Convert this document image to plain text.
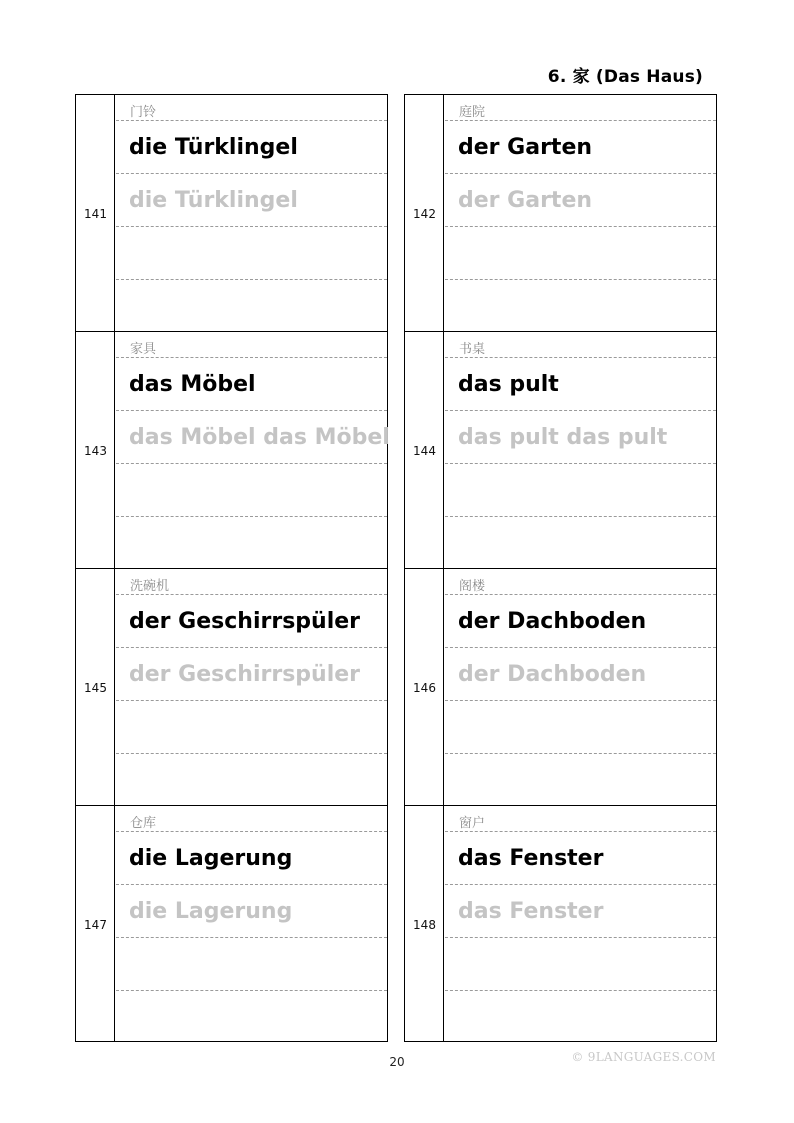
6. 家 (Das Haus)
141
门铃
die Türklingel
die Türklingel
143
家具
das Möbel
das Möbel das Möbel
145
洗碗机
der Geschirrspüler
der Geschirrspüler
147
仓库
die Lagerung
die Lagerung
142
庭院
der Garten
der Garten
144
书桌
das pult
das pult das pult
146
阁楼
der Dachboden
der Dachboden
148
窗户
das Fenster
das Fenster
20	© 9LANGUAGES.COM
